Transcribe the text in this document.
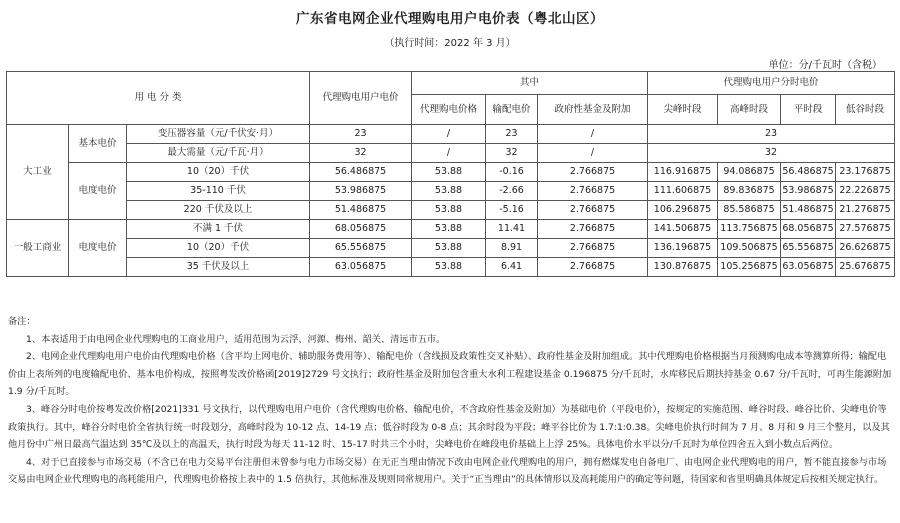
广东省电网企业代理购电用户电价表（粤北山区）
（执行时间：2022 年 3 月）
单位：分/千瓦时（含税）
用 电 分 类			代理购电用户电价	其中			代理购电用户分时电价			
				代理购电价格	输配电价	政府性基金及附加	尖峰时段	高峰时段	平时段	低谷时段
大工业	基本电价	变压器容量（元/千伏安·月）	23	/	23	/	23			
		最大需量（元/千瓦·月）	32	/	32	/	32			
	电度电价	10（20）千伏	56.486875	53.88	-0.16	2.766875	116.916875	94.086875	56.486875	23.176875
		35-110 千伏	53.986875	53.88	-2.66	2.766875	111.606875	89.836875	53.986875	22.226875
		220 千伏及以上	51.486875	53.88	-5.16	2.766875	106.296875	85.586875	51.486875	21.276875
一般工商业	电度电价	不满 1 千伏	68.056875	53.88	11.41	2.766875	141.506875	113.756875	68.056875	27.576875
		10（20）千伏	65.556875	53.88	8.91	2.766875	136.196875	109.506875	65.556875	26.626875
		35 千伏及以上	63.056875	53.88	6.41	2.766875	130.876875	105.256875	63.056875	25.676875

备注：

1、本表适用于由电网企业代理购电的工商业用户，适用范围为云浮、河源、梅州、韶关、清远市五市。

2、电网企业代理购电用户电价由代理购电价格（含平均上网电价、辅助服务费用等）、输配电价（含线损及政策性交叉补贴）、政府性基金及附加组成。其中代理购电价格根据当月预测购电成本等测算所得；输配电价由上表所列的电度输配电价、基本电价构成，按照粤发改价格函[2019]2729 号文执行；政府性基金及附加包含重大水利工程建设基金 0.196875 分/千瓦时，水库移民后期扶持基金 0.67 分/千瓦时，可再生能源附加 1.9 分/千瓦时。

3、峰谷分时电价按粤发改价格[2021]331 号文执行，以代理购电用户电价（含代理购电价格、输配电价，不含政府性基金及附加）为基础电价（平段电价），按规定的实施范围、峰谷时段、峰谷比价、尖峰电价等政策执行。其中，峰谷分时电价全省执行统一时段划分，高峰时段为 10-12 点、14-19 点；低谷时段为 0-8 点；其余时段为平段；峰平谷比价为 1.7:1:0.38。尖峰电价执行时间为 7 月、8 月和 9 月三个整月，以及其他月份中广州日最高气温达到 35℃及以上的高温天，执行时段为每天 11-12 时、15-17 时共三个小时，尖峰电价在峰段电价基础上上浮 25%。具体电价水平以分/千瓦时为单位四舍五入到小数点后两位。

4、对于已直接参与市场交易（不含已在电力交易平台注册但未曾参与电力市场交易）在无正当理由情况下改由电网企业代理购电的用户，拥有燃煤发电自备电厂、由电网企业代理购电的用户，暂不能直接参与市场交易由电网企业代理购电的高耗能用户，代理购电价格按上表中的 1.5 倍执行，其他标准及规则同常规用户。关于“正当理由”的具体情形以及高耗能用户的确定等问题，待国家和省里明确具体规定后按相关规定执行。
